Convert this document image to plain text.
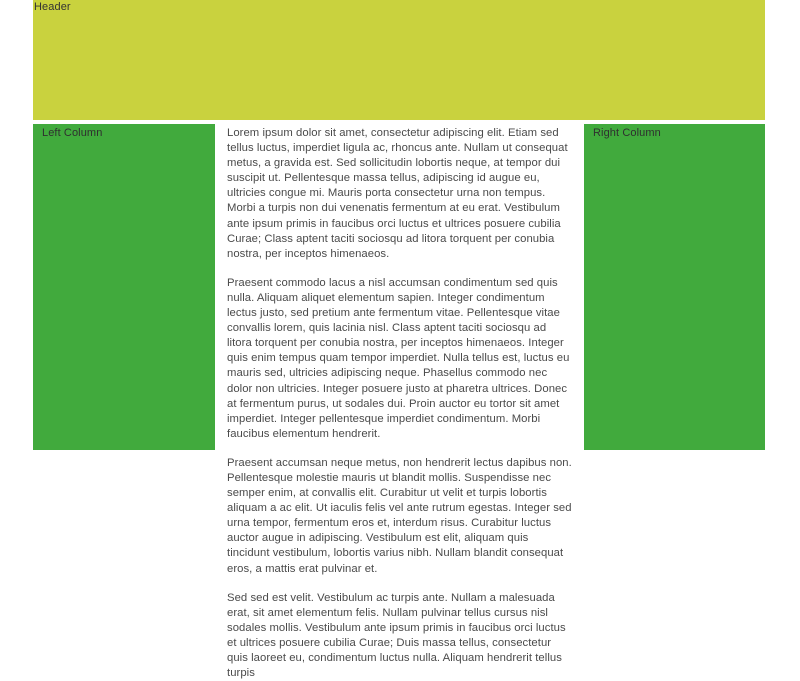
Header
Left Column	Lorem ipsum dolor sit amet, consectetur adipiscing elit. Etiam sed tellus luctus, imperdiet ligula ac, rhoncus ante. Nullam ut consequat metus, a gravida est. Sed sollicitudin lobortis neque, at tempor dui suscipit ut. Pellentesque massa tellus, adipiscing id augue eu, ultricies congue mi. Mauris porta consectetur urna non tempus. Morbi a turpis non dui venenatis fermentum at eu erat. Vestibulum ante ipsum primis in faucibus orci luctus et ultrices posuere cubilia Curae; Class aptent taciti sociosqu ad litora torquent per conubia nostra, per inceptos himenaeos.

Praesent commodo lacus a nisl accumsan condimentum sed quis nulla. Aliquam aliquet elementum sapien. Integer condimentum lectus justo, sed pretium ante fermentum vitae. Pellentesque vitae convallis lorem, quis lacinia nisl. Class aptent taciti sociosqu ad litora torquent per conubia nostra, per inceptos himenaeos. Integer quis enim tempus quam tempor imperdiet. Nulla tellus est, luctus eu mauris sed, ultricies adipiscing neque. Phasellus commodo nec dolor non ultricies. Integer posuere justo at pharetra ultrices. Donec at fermentum purus, ut sodales dui. Proin auctor eu tortor sit amet imperdiet. Integer pellentesque imperdiet condimentum. Morbi faucibus elementum hendrerit.

Praesent accumsan neque metus, non hendrerit lectus dapibus non. Pellentesque molestie mauris ut blandit mollis. Suspendisse nec semper enim, at convallis elit. Curabitur ut velit et turpis lobortis aliquam a ac elit. Ut iaculis felis vel ante rutrum egestas. Integer sed urna tempor, fermentum eros et, interdum risus. Curabitur luctus auctor augue in adipiscing. Vestibulum est elit, aliquam quis tincidunt vestibulum, lobortis varius nibh. Nullam blandit consequat eros, a mattis erat pulvinar et.

Sed sed est velit. Vestibulum ac turpis ante. Nullam a malesuada erat, sit amet elementum felis. Nullam pulvinar tellus cursus nisl sodales mollis. Vestibulum ante ipsum primis in faucibus orci luctus et ultrices posuere cubilia Curae; Duis massa tellus, consectetur quis laoreet eu, condimentum luctus nulla. Aliquam hendrerit tellus turpis

Right Column
